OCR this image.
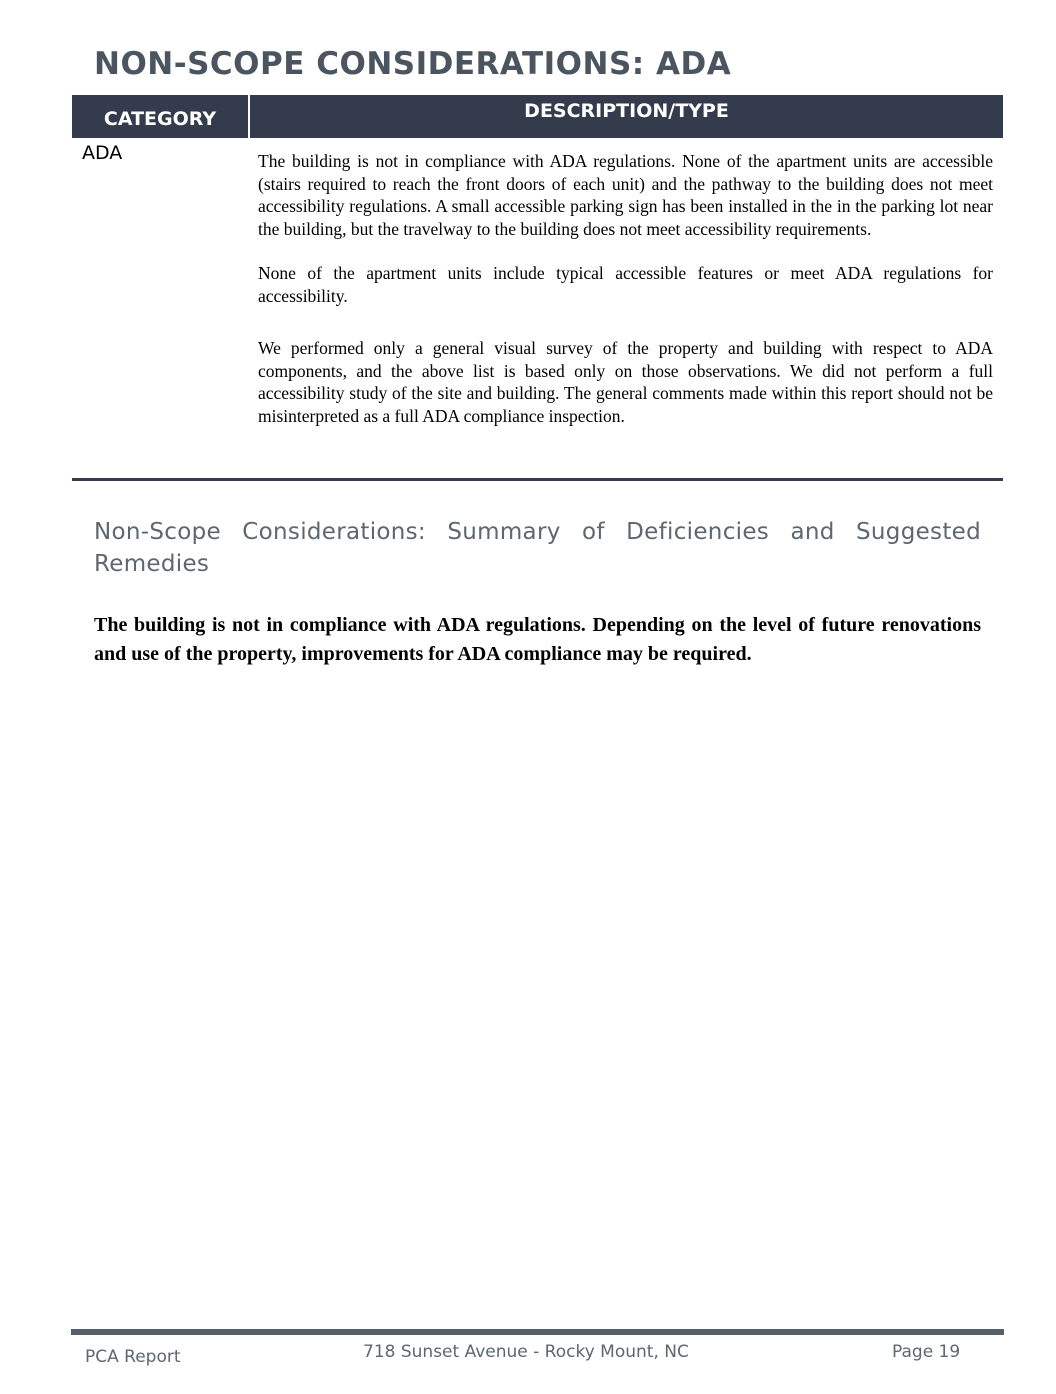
NON-SCOPE CONSIDERATIONS: ADA
CATEGORY	DESCRIPTION/TYPE
ADA	The building is not in compliance with ADA regulations. None of the apartment units are accessible (stairs required to reach the front doors of each unit) and the pathway to the building does not meet accessibility regulations. A small accessible parking sign has been installed in the in the parking lot near the building, but the travelway to the building does not meet accessibility requirements.

None of the apartment units include typical accessible features or meet ADA regulations for accessibility.

We performed only a general visual survey of the property and building with respect to ADA components, and the above list is based only on those observations. We did not perform a full accessibility study of the site and building. The general comments made within this report should not be misinterpreted as a full ADA compliance inspection.

Non-Scope Considerations: Summary of Deficiencies and Suggested Remedies

The building is not in compliance with ADA regulations. Depending on the level of future renovations and use of the property, improvements for ADA compliance may be required.

PCA Report	718 Sunset Avenue - Rocky Mount, NC	Page 19
